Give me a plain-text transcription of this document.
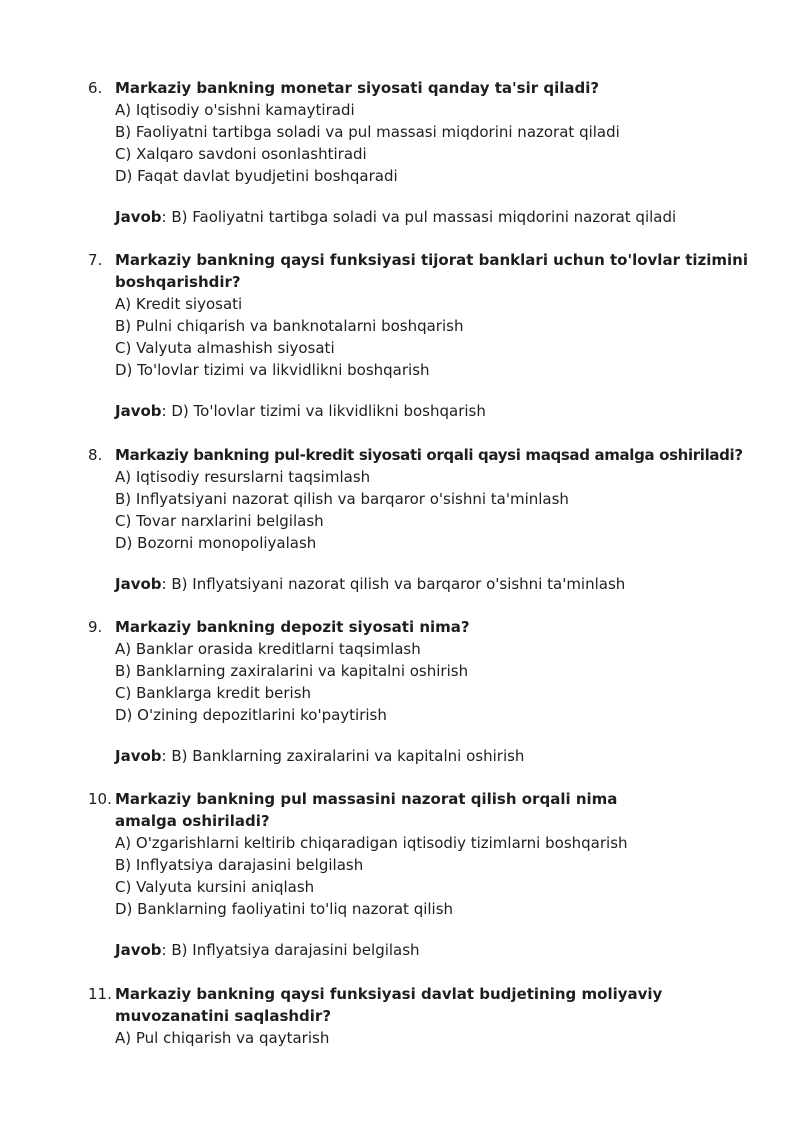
6. Markaziy bankning monetar siyosati qanday ta'sir qiladi?
A) Iqtisodiy o'sishni kamaytiradi
B) Faoliyatni tartibga soladi va pul massasi miqdorini nazorat qiladi
C) Xalqaro savdoni osonlashtiradi
D) Faqat davlat byudjetini boshqaradi
Javob: B) Faoliyatni tartibga soladi va pul massasi miqdorini nazorat qiladi
7. Markaziy bankning qaysi funksiyasi tijorat banklari uchun to'lovlar tizimini boshqarishdir?
A) Kredit siyosati
B) Pulni chiqarish va banknotalarni boshqarish
C) Valyuta almashish siyosati
D) To'lovlar tizimi va likvidlikni boshqarish
Javob: D) To'lovlar tizimi va likvidlikni boshqarish
8. Markaziy bankning pul-kredit siyosati orqali qaysi maqsad amalga oshiriladi?
A) Iqtisodiy resurslarni taqsimlash
B) Inflyatsiyani nazorat qilish va barqaror o'sishni ta'minlash
C) Tovar narxlarini belgilash
D) Bozorni monopoliyalash
Javob: B) Inflyatsiyani nazorat qilish va barqaror o'sishni ta'minlash
9. Markaziy bankning depozit siyosati nima?
A) Banklar orasida kreditlarni taqsimlash
B) Banklarning zaxiralarini va kapitalni oshirish
C) Banklarga kredit berish
D) O'zining depozitlarini ko'paytirish
Javob: B) Banklarning zaxiralarini va kapitalni oshirish
10. Markaziy bankning pul massasini nazorat qilish orqali nima amalga oshiriladi?
A) O'zgarishlarni keltirib chiqaradigan iqtisodiy tizimlarni boshqarish
B) Inflyatsiya darajasini belgilash
C) Valyuta kursini aniqlash
D) Banklarning faoliyatini to'liq nazorat qilish
Javob: B) Inflyatsiya darajasini belgilash
11. Markaziy bankning qaysi funksiyasi davlat budjetining moliyaviy muvozanatini saqlashdir?
A) Pul chiqarish va qaytarish
